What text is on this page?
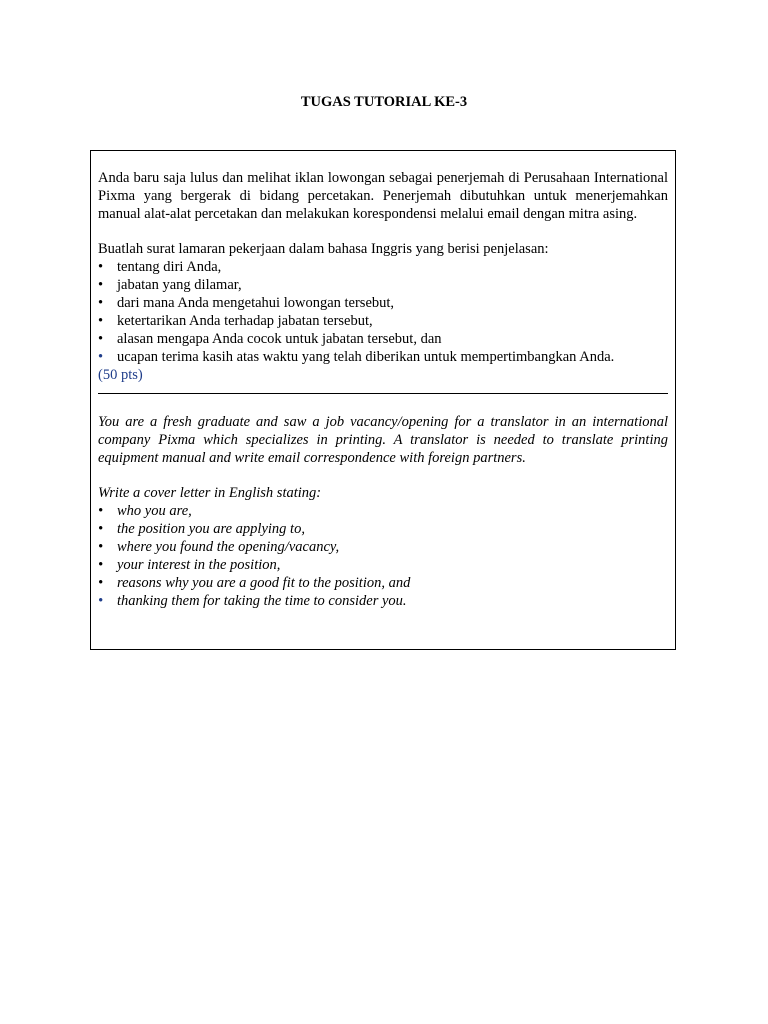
TUGAS TUTORIAL KE-3

Anda baru saja lulus dan melihat iklan lowongan sebagai penerjemah di Perusahaan International Pixma yang bergerak di bidang percetakan. Penerjemah dibutuhkan untuk menerjemahkan manual alat-alat percetakan dan melakukan korespondensi melalui email dengan mitra asing.

Buatlah surat lamaran pekerjaan dalam bahasa Inggris yang berisi penjelasan:

• tentang diri Anda,
• jabatan yang dilamar,
• dari mana Anda mengetahui lowongan tersebut,
• ketertarikan Anda terhadap jabatan tersebut,
• alasan mengapa Anda cocok untuk jabatan tersebut, dan
• ucapan terima kasih atas waktu yang telah diberikan untuk mempertimbangkan Anda.

(50 pts)

You are a fresh graduate and saw a job vacancy/opening for a translator in an international company Pixma which specializes in printing. A translator is needed to translate printing equipment manual and write email correspondence with foreign partners.

Write a cover letter in English stating:

• who you are,
• the position you are applying to,
• where you found the opening/vacancy,
• your interest in the position,
• reasons why you are a good fit to the position, and
• thanking them for taking the time to consider you.
